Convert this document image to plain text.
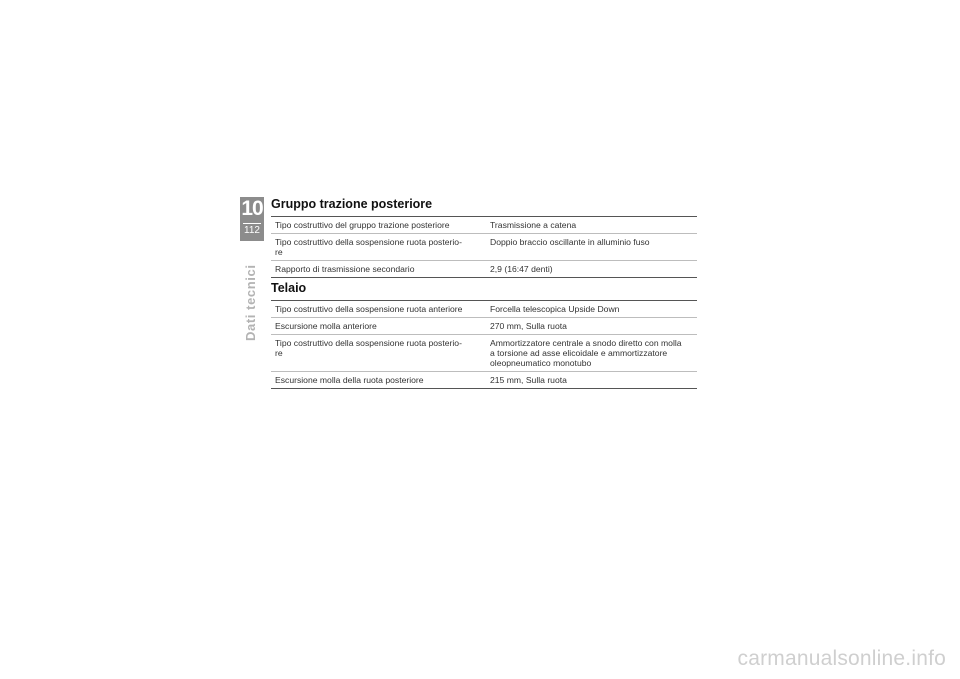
10
112
Dati tecnici
Gruppo trazione posteriore
Tipo costruttivo del gruppo trazione posteriore	Trasmissione a catena
Tipo costruttivo della sospensione ruota posterio-
re	Doppio braccio oscillante in alluminio fuso
Rapporto di trasmissione secondario	2,9 (16:47 denti)
Telaio
Tipo costruttivo della sospensione ruota anteriore	Forcella telescopica Upside Down
Escursione molla anteriore	270 mm, Sulla ruota
Tipo costruttivo della sospensione ruota posterio-
re	Ammortizzatore centrale a snodo diretto con molla
a torsione ad asse elicoidale e ammortizzatore
oleopneumatico monotubo
Escursione molla della ruota posteriore	215 mm, Sulla ruota
carmanualsonline.info
